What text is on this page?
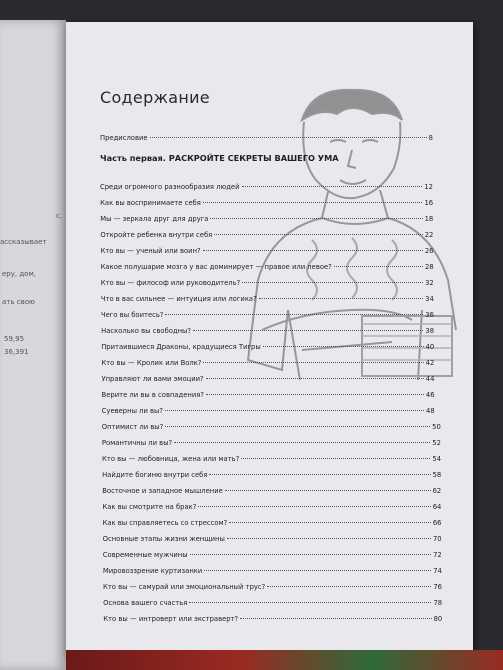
с.
ассказывает
еру, дом,
ать свою
59,95
36,391
Содержание
Предисловие	8
Часть первая. РАСКРОЙТЕ СЕКРЕТЫ ВАШЕГО УМА
Среди огромного разнообразия людей	12
Как вы воспринимаете себя	16
Мы — зеркала друг для друга	18
Откройте ребенка внутри себя	22
Кто вы — ученый или воин?	26
Какое полушарие мозга у вас доминирует — правое или левое?	28
Кто вы — философ или руководитель?	32
Что в вас сильнее — интуиция или логика?	34
Чего вы боитесь?	36
Насколько вы свободны?	38
Притаившиеся Драконы, крадущиеся Тигры	40
Кто вы — Кролик или Волк?	42
Управляют ли вами эмоции?	44
Верите ли вы в совпадения?	46
Суеверны ли вы?	48
Оптимист ли вы?	50
Романтичны ли вы?	52
Кто вы — любовница, жена или мать?	54
Найдите богиню внутри себя	58
Восточное и западное мышление	62
Как вы смотрите на брак?	64
Как вы справляетесь со стрессом?	66
Основные этапы жизни женщины	70
Современные мужчины	72
Мировоззрение куртизанки	74
Кто вы — самурай или эмоциональный трус?	76
Основа вашего счастья	78
Кто вы — интроверт или экстраверт?	80
